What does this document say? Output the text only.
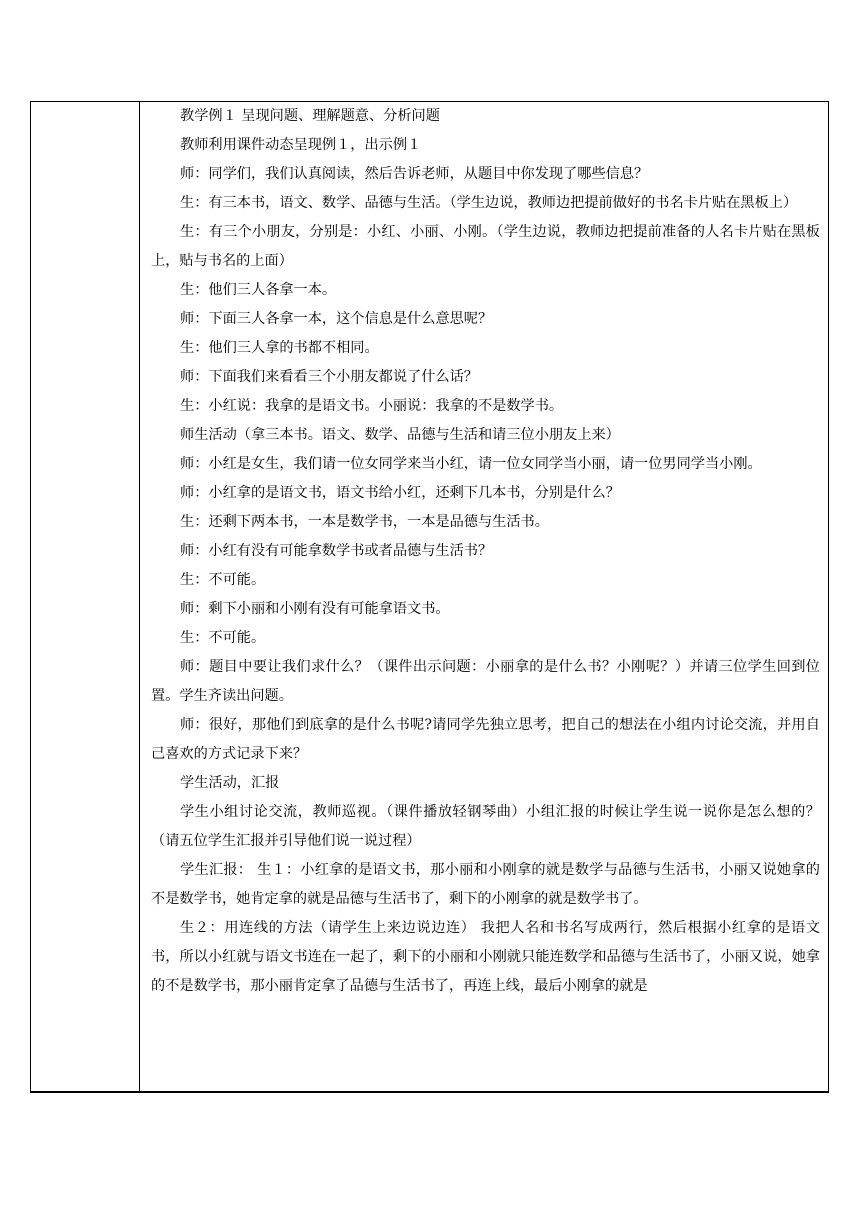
教学例１ 呈现问题、理解题意、分析问题

教师利用课件动态呈现例１，出示例１

师：同学们，我们认真阅读，然后告诉老师，从题目中你发现了哪些信息？

生：有三本书，语文、数学、品德与生活。（学生边说，教师边把提前做好的书名卡片贴在黑板上）

生：有三个小朋友，分别是：小红、小丽、小刚。（学生边说，教师边把提前准备的人名卡片贴在黑板上，贴与书名的上面）

生：他们三人各拿一本。

师：下面三人各拿一本，这个信息是什么意思呢？

生：他们三人拿的书都不相同。

师：下面我们来看看三个小朋友都说了什么话？

生：小红说：我拿的是语文书。小丽说：我拿的不是数学书。

师生活动（拿三本书。语文、数学、品德与生活和请三位小朋友上来）

师：小红是女生，我们请一位女同学来当小红，请一位女同学当小丽，请一位男同学当小刚。

师：小红拿的是语文书，语文书给小红，还剩下几本书，分别是什么？

生：还剩下两本书，一本是数学书，一本是品德与生活书。

师：小红有没有可能拿数学书或者品德与生活书？

生：不可能。

师：剩下小丽和小刚有没有可能拿语文书。

生：不可能。

师：题目中要让我们求什么？（课件出示问题：小丽拿的是什么书？小刚呢？）并请三位学生回到位置。学生齐读出问题。

师：很好，那他们到底拿的是什么书呢?请同学先独立思考，把自己的想法在小组内讨论交流，并用自己喜欢的方式记录下来？

学生活动，汇报

学生小组讨论交流，教师巡视。（课件播放轻钢琴曲）小组汇报的时候让学生说一说你是怎么想的？（请五位学生汇报并引导他们说一说过程）

学生汇报： 生１：小红拿的是语文书，那小丽和小刚拿的就是数学与品德与生活书，小丽又说她拿的不是数学书，她肯定拿的就是品德与生活书了，剩下的小刚拿的就是数学书了。

生２：用连线的方法（请学生上来边说边连） 我把人名和书名写成两行，然后根据小红拿的是语文书，所以小红就与语文书连在一起了，剩下的小丽和小刚就只能连数学和品德与生活书了，小丽又说，她拿的不是数学书，那小丽肯定拿了品德与生活书了，再连上线，最后小刚拿的就是
